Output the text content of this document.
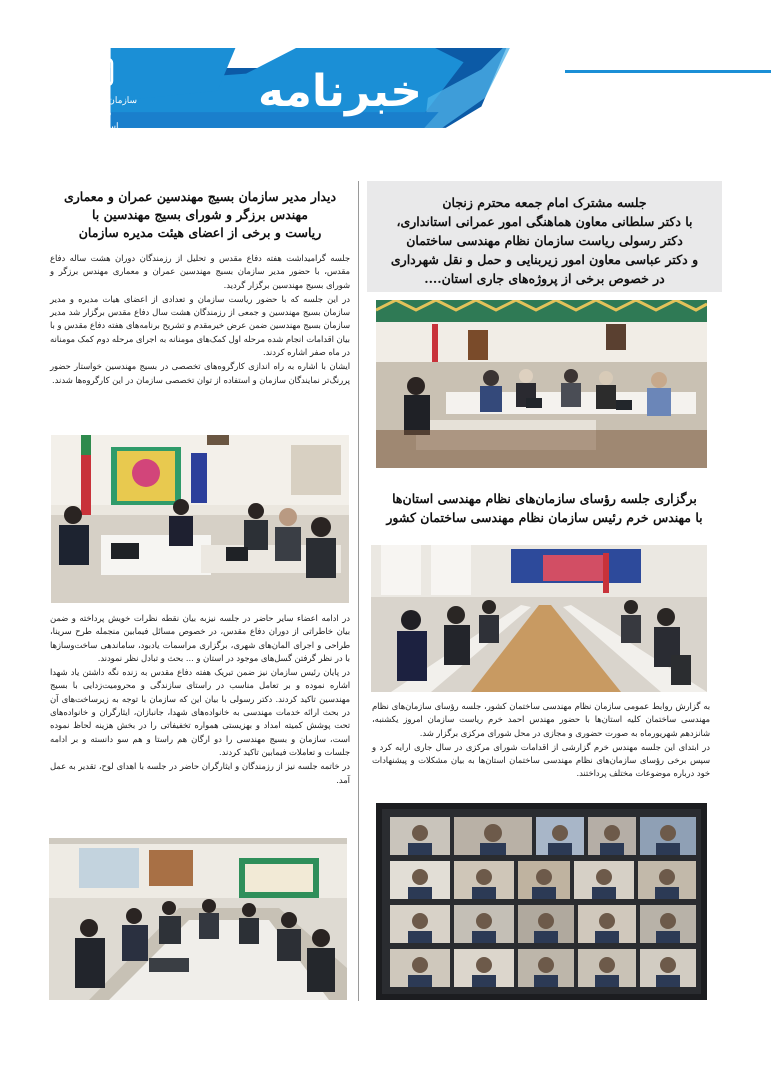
سازمان نظام مهندسی ساختمان
استان زنجان
خبرنامه
خبرنامه داخلی سازمان نظام مهندسی ساختمان استان زنجان شماره چهارم شهریورماه ۱۳۹۹
جلسه مشترک امام جمعه محترم زنجان
با دکتر سلطانی معاون هماهنگی امور عمرانی استانداری،
دکتر رسولی ریاست سازمان نظام مهندسی ساختمان
و دکتر عباسی معاون امور زیربنایی و حمل و نقل شهرداری
در خصوص برخی از پروژه‌های جاری استان....
برگزاری جلسه رؤسای سازمان‌های نظام مهندسی استان‌ها
با مهندس خرم رئیس سازمان نظام مهندسی ساختمان کشور

به گزارش روابط عمومی سازمان نظام مهندسی ساختمان کشور، جلسه رؤسای سازمان‌های نظام مهندسی ساختمان کلیه استان‌ها با حضور مهندس احمد خرم ریاست سازمان امروز یکشنبه، شانزدهم شهریورماه به صورت حضوری و مجازی در محل شورای مرکزی برگزار شد.

در ابتدای این جلسه مهندس خرم گزارشی از اقدامات شورای مرکزی در سال جاری ارایه کرد و سپس برخی رؤسای سازمان‌های نظام مهندسی ساختمان استان‌ها به بیان مشکلات و پیشنهادات خود درباره موضوعات مختلف پرداختند.

دیدار مدیر سازمان بسیج مهندسین عمران و معماری
مهندس برزگر و شورای بسیج مهندسین با
ریاست و برخی از اعضای هیئت مدیره سازمان

جلسه گرامیداشت هفته دفاع مقدس و تحلیل از رزمندگان دوران هشت ساله دفاع مقدس، با حضور مدیر سازمان بسیج مهندسین عمران و معماری مهندس برزگر و شورای بسیج مهندسین برگزار گردید.

در این جلسه که با حضور ریاست سازمان و تعدادی از اعضای هیات مدیره و مدیر سازمان بسیج مهندسین و جمعی از رزمندگان هشت سال دفاع مقدس برگزار شد مدیر سازمان بسیج مهندسین ضمن عرض خیرمقدم و تشریح برنامه‌های هفته دفاع مقدس و با بیان اقدامات انجام شده مرحله اول کمک‌های مومنانه به اجرای مرحله دوم کمک مومنانه در ماه صفر اشاره کردند.

ایشان با اشاره به راه اندازی کارگروه‌های تخصصی در بسیج مهندسین خواستار حضور پررنگ‌تر نمایندگان سازمان و استفاده از توان تخصصی سازمان در این کارگروه‌ها شدند.

در ادامه اعضاء سایر حاضر در جلسه نیزبه بیان نقطه نظرات خویش پرداخته و ضمن بیان خاطراتی از دوران دفاع مقدس، در خصوص مسائل فیمابین منجمله طرح سرینا، طراحی و اجرای المان‌های شهری، برگزاری مراسمات یادبود، ساماندهی ساخت‌وسازها با در نظر گرفتن گسل‌های موجود در استان و ... بحث و تبادل نظر نمودند.

در پایان رئیس سازمان نیز ضمن تبریک هفته دفاع مقدس به زنده نگه داشتن یاد شهدا اشاره نموده و بر تعامل مناسب در راستای سازندگی و محرومیت‌زدایی با بسیج مهندسین تاکید کردند. دکتر رسولی با بیان این که سازمان با توجه به زیرساخت‌های آن در بحث ارائه خدمات مهندسی به خانواده‌های شهدا، جانبازان، ایثارگران و خانواده‌های تحت پوشش کمیته امداد و بهزیستی همواره تخفیفاتی را در بخش هزینه لحاظ نموده است، سازمان و بسیج مهندسی را دو ارگان هم راستا و هم سو دانسته و بر ادامه جلسات و تعاملات فیمابین تاکید کردند.

در خاتمه جلسه نیز از رزمندگان و ایثارگران حاضر در جلسه با اهدای لوح، تقدیر به عمل آمد.
